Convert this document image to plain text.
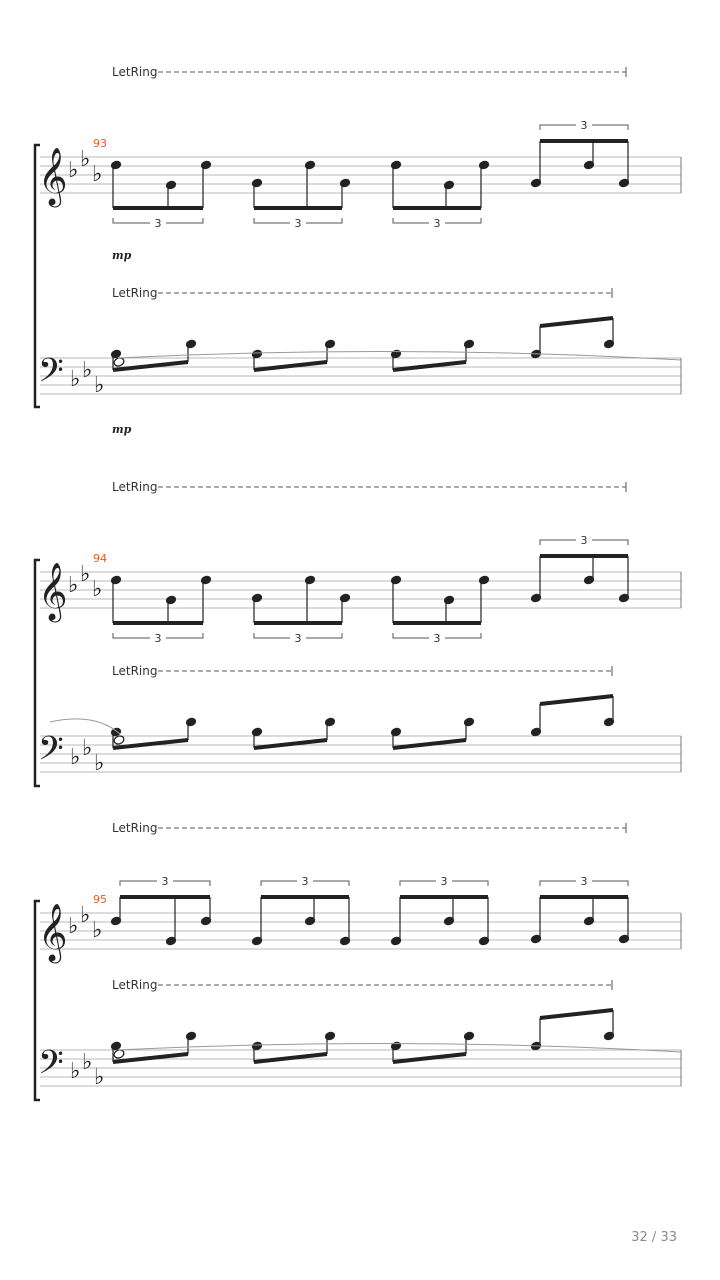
LetRing
𝄞 ♭ ♭
♭
93
3	3	3
3
mp
LetRing
𝄢 ♭ ♭
♭
mp
LetRing
𝄞 ♭ ♭
♭
94
3	3	3
3
LetRing
𝄢 ♭ ♭
♭
LetRing
𝄞 ♭ ♭
♭
95
3	3	3	3
LetRing
𝄢 ♭ ♭
♭
32 / 33
